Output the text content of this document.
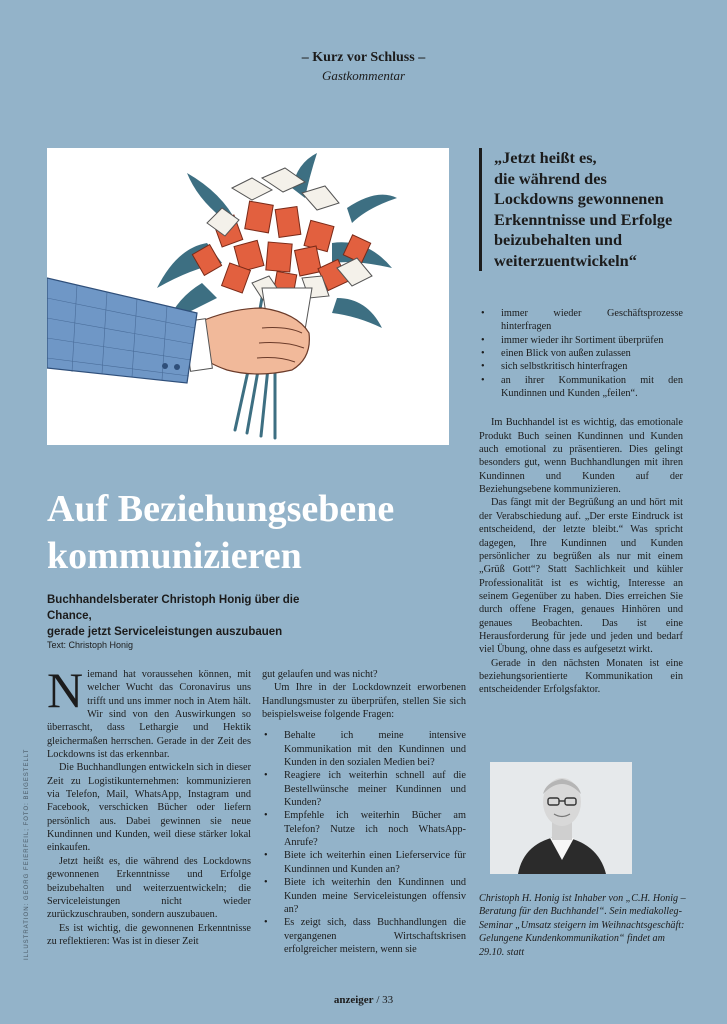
– Kurz vor Schluss –
Gastkommentar

„Jetzt heißt es,

die während des

Lockdowns gewonnenen

Erkenntnisse und Erfolge

beizubehalten und

weiterzuentwickeln“

Auf Beziehungsebene
kommunizieren
Buchhandelsberater Christoph Honig über die Chance,
gerade jetzt Serviceleistungen auszubauen
Text: Christoph Honig
ILLUSTRATION: GEORG FEIERFEIL; FOTO: BEIGESTELLT

Niemand hat voraussehen können, mit welcher Wucht das Coronavirus uns trifft und uns immer noch in Atem hält. Wir sind von den Auswirkungen so überrascht, dass Lethargie und Hektik gleichermaßen herrschen. Gerade in der Zeit des Lockdowns ist das erkennbar.

Die Buchhandlungen entwickeln sich in dieser Zeit zu Logistikunternehmen: kommunizieren via Telefon, Mail, WhatsApp, Instagram und Facebook, verschicken Bücher oder liefern persönlich aus. Dabei gewinnen sie neue Kundinnen und Kunden, weil diese stärker lokal einkaufen.

Jetzt heißt es, die während des Lockdowns gewonnenen Erkenntnisse und Erfolge beizubehalten und weiterzuentwickeln; die Serviceleistungen nicht wieder zurückzuschrauben, sondern auszubauen.

Es ist wichtig, die gewonnenen Erkenntnisse zu reflektieren: Was ist in dieser Zeit

gut gelaufen und was nicht?

Um Ihre in der Lockdownzeit erworbenen Handlungsmuster zu überprüfen, stellen Sie sich beispielsweise folgende Fragen:

• Behalte ich meine intensive Kommunikation mit den Kundinnen und Kunden in den sozialen Medien bei?
• Reagiere ich weiterhin schnell auf die Bestellwünsche meiner Kundinnen und Kunden?
• Empfehle ich weiterhin Bücher am Telefon? Nutze ich noch WhatsApp-Anrufe?
• Biete ich weiterhin einen Lieferservice für Kundinnen und Kunden an?
• Biete ich weiterhin den Kundinnen und Kunden meine Serviceleistungen offensiv an?
• Es zeigt sich, dass Buchhandlungen die vergangenen Wirtschaftskrisen erfolgreicher meistern, wenn sie
• immer wieder Geschäftsprozesse hinterfragen
• immer wieder ihr Sortiment überprüfen
• einen Blick von außen zulassen
• sich selbstkritisch hinterfragen
• an ihrer Kommunikation mit den Kundinnen und Kunden „feilen“.

Im Buchhandel ist es wichtig, das emotionale Produkt Buch seinen Kundinnen und Kunden auch emotional zu präsentieren. Dies gelingt besonders gut, wenn Buchhandlungen mit ihren Kundinnen und Kunden auf der Beziehungsebene kommunizieren.

Das fängt mit der Begrüßung an und hört mit der Verabschiedung auf. „Der erste Eindruck ist entscheidend, der letzte bleibt.“ Was spricht dagegen, Ihre Kundinnen und Kunden persönlicher zu begrüßen als nur mit einem „Grüß Gott“? Statt Sachlichkeit und kühler Professionalität ist es wichtig, Interesse an seinem Gegenüber zu haben. Dies erreichen Sie durch offene Fragen, genaues Hinhören und genaues Beobachten. Das ist eine Herausforderung für jede und jeden und bedarf viel Übung, ohne dass es aufgesetzt wirkt.

Gerade in den nächsten Monaten ist eine beziehungsorientierte Kommunikation ein entscheidender Erfolgsfaktor.

Christoph H. Honig ist Inhaber von „C.H. Honig – Beratung für den Buchhandel“. Sein mediakolleg-Seminar „Umsatz steigern im Weihnachtsgeschäft: Gelungene Kundenkommunikation“ findet am 29.10. statt
anzeiger / 33
